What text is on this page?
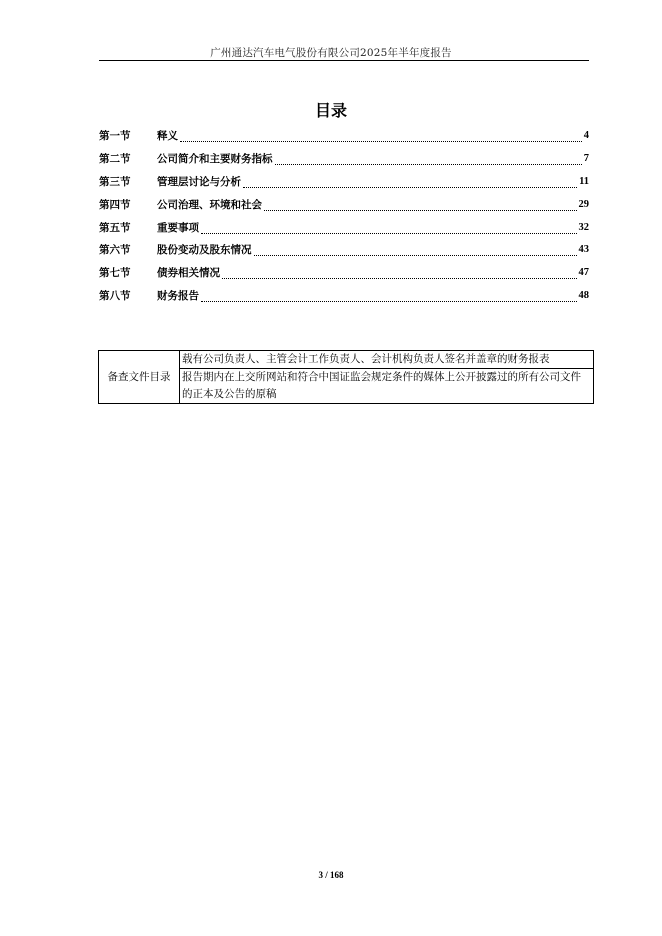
广州通达汽车电气股份有限公司2025年半年度报告
目录
第一节	释义	4
第二节	公司简介和主要财务指标	7
第三节	管理层讨论与分析	11
第四节	公司治理、环境和社会	29
第五节	重要事项	32
第六节	股份变动及股东情况	43
第七节	债券相关情况	47
第八节	财务报告	48
备查文件目录	载有公司负责人、主管会计工作负责人、会计机构负责人签名并盖章的财务报表
报告期内在上交所网站和符合中国证监会规定条件的媒体上公开披露过的所有公司文件的正本及公告的原稿
3 / 168
